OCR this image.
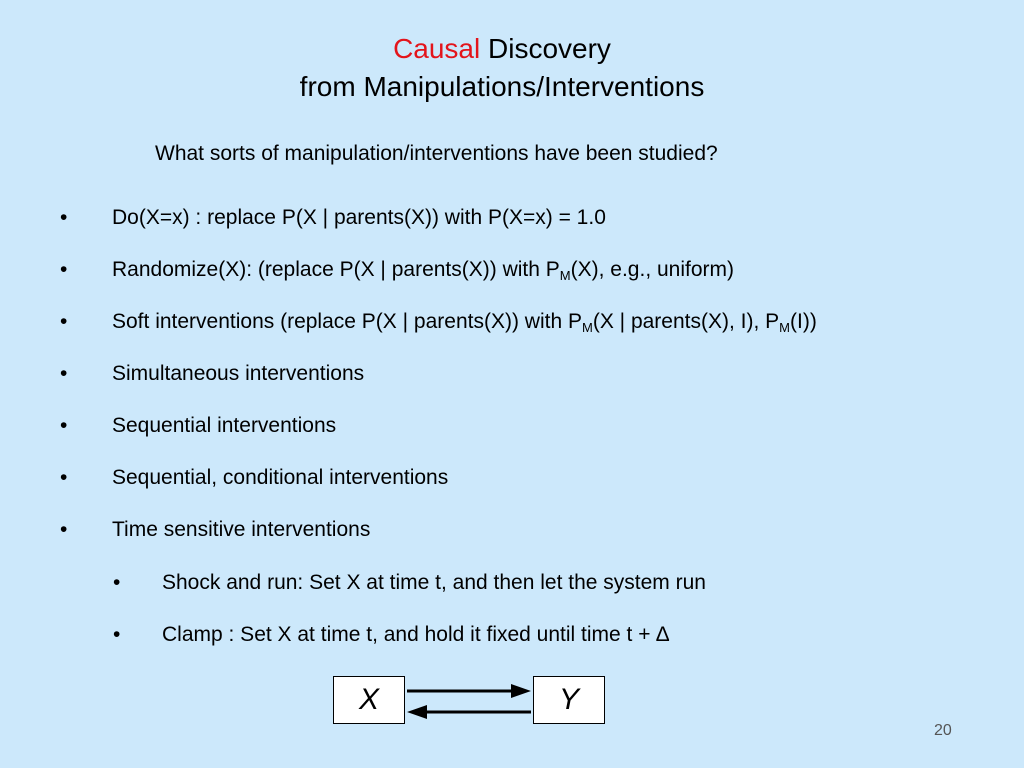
Causal Discovery
from Manipulations/Interventions
What sorts of manipulation/interventions have been studied?
• Do(X=x) : replace P(X | parents(X)) with P(X=x) = 1.0
• Randomize(X): (replace P(X | parents(X)) with $P_M(X)$, e.g., uniform)
• Soft interventions (replace P(X | parents(X)) with $P_M(X$ | parents(X), I), $P_M(I)$)
• Simultaneous interventions
• Sequential interventions
• Sequential, conditional interventions
• Time sensitive interventions
• Shock and run: Set X at time t, and then let the system run
• Clamp : Set X at time t, and hold it fixed until time t + ∆
X	Y
20
